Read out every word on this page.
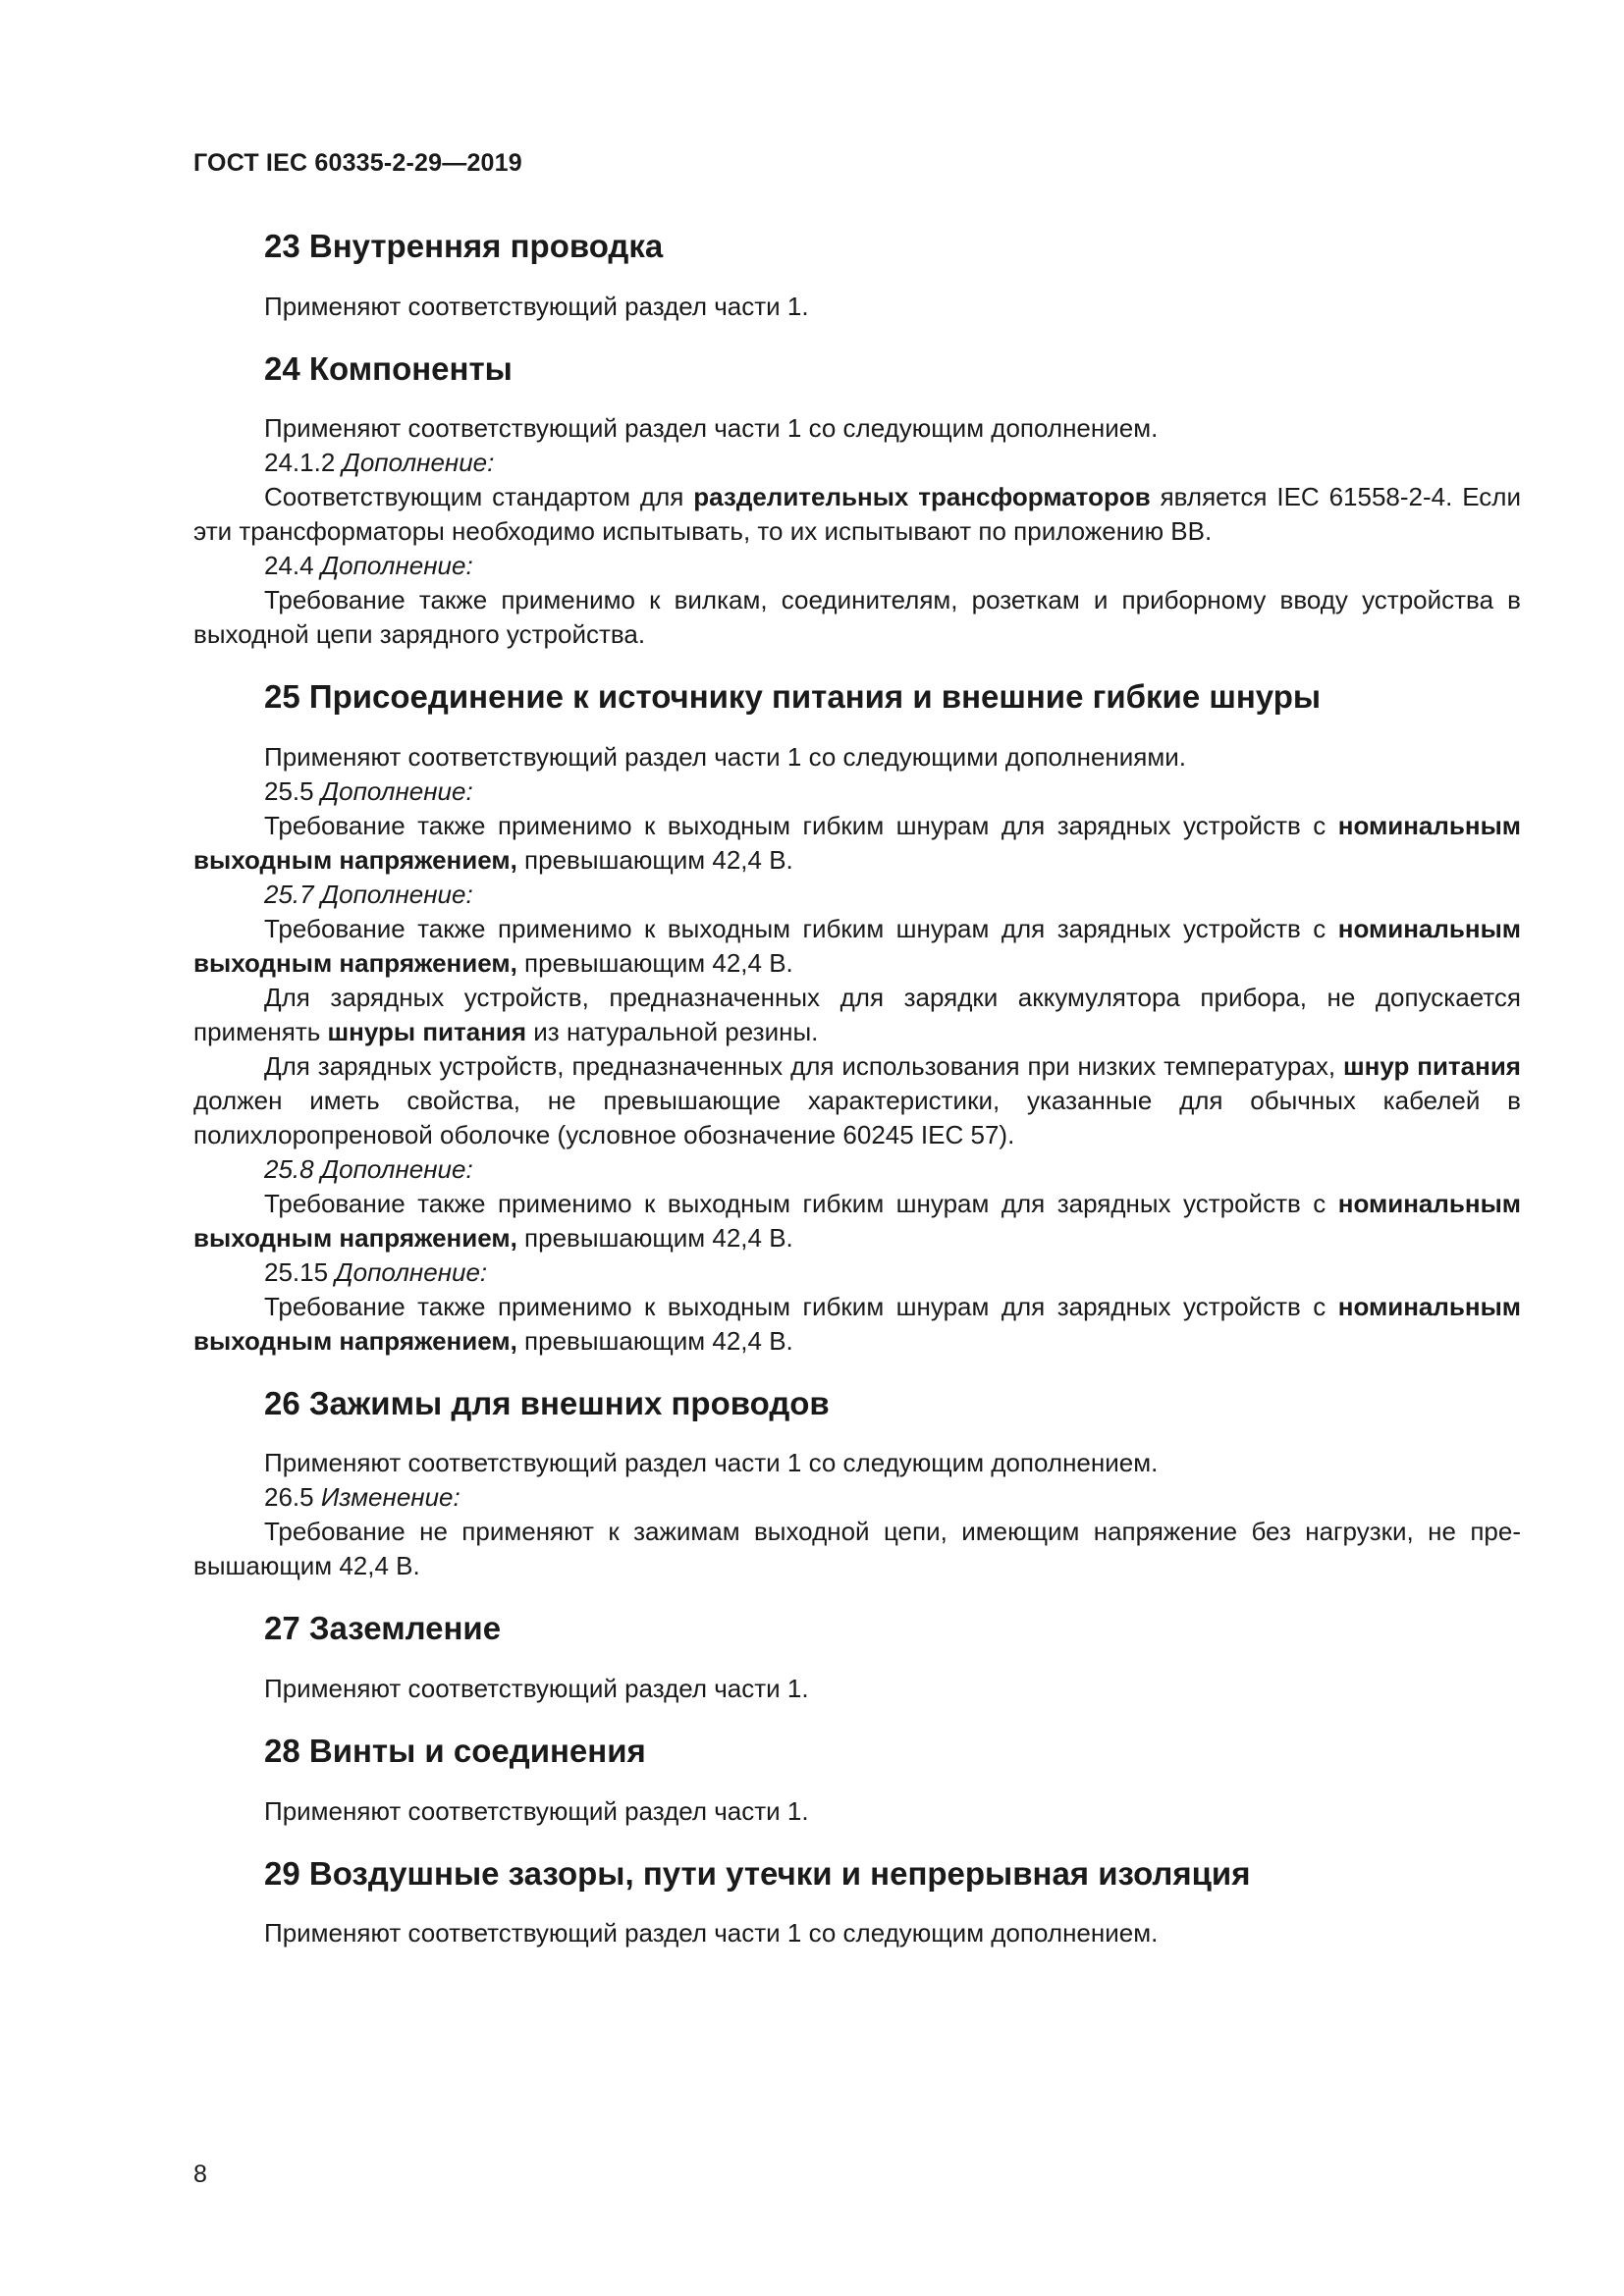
ГОСТ IEC 60335-2-29—2019
23 Внутренняя проводка

Применяют соответствующий раздел части 1.

24 Компоненты

Применяют соответствующий раздел части 1 со следующим дополнением.

24.1.2 Дополнение:

Соответствующим стандартом для разделительных трансформаторов является IEC 61558-2-4. Если эти трансформаторы необходимо испытывать, то их испытывают по приложению ВВ.

24.4 Дополнение:

Требование также применимо к вилкам, соединителям, розеткам и приборному вводу устройства в выходной цепи зарядного устройства.

25 Присоединение к источнику питания и внешние гибкие шнуры

Применяют соответствующий раздел части 1 со следующими дополнениями.

25.5 Дополнение:

Требование также применимо к выходным гибким шнурам для зарядных устройств с номинальным выходным напряжением, превышающим 42,4 В.

25.7 Дополнение:

Требование также применимо к выходным гибким шнурам для зарядных устройств с номинальным выходным напряжением, превышающим 42,4 В.

Для зарядных устройств, предназначенных для зарядки аккумулятора прибора, не допускается применять шнуры питания из натуральной резины.

Для зарядных устройств, предназначенных для использования при низких температурах, шнур питания должен иметь свойства, не превышающие характеристики, указанные для обычных кабелей в полихлоропреновой оболочке (условное обозначение 60245 IEC 57).

25.8 Дополнение:

Требование также применимо к выходным гибким шнурам для зарядных устройств с номинальным выходным напряжением, превышающим 42,4 В.

25.15 Дополнение:

Требование также применимо к выходным гибким шнурам для зарядных устройств с номинальным выходным напряжением, превышающим 42,4 В.

26 Зажимы для внешних проводов

Применяют соответствующий раздел части 1 со следующим дополнением.

26.5 Изменение:

Требование не применяют к зажимам выходной цепи, имеющим напряжение без нагрузки, не превышающим 42,4 В.

27 Заземление

Применяют соответствующий раздел части 1.

28 Винты и соединения

Применяют соответствующий раздел части 1.

29 Воздушные зазоры, пути утечки и непрерывная изоляция

Применяют соответствующий раздел части 1 со следующим дополнением.

8
